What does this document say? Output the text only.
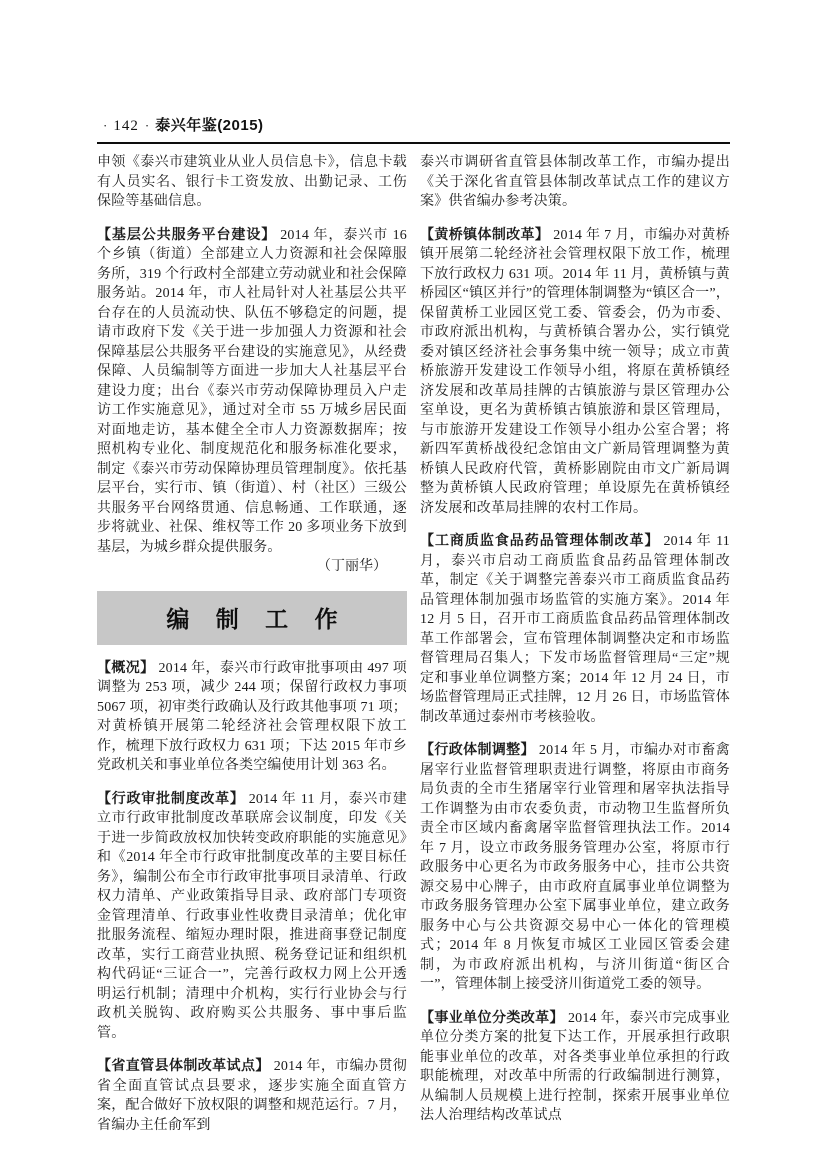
· 142 · 泰兴年鉴(2015)

申领《泰兴市建筑业从业人员信息卡》，信息卡载有人员实名、银行卡工资发放、出勤记录、工伤保险等基础信息。

【基层公共服务平台建设】 2014 年，泰兴市 16 个乡镇（街道）全部建立人力资源和社会保障服务所，319 个行政村全部建立劳动就业和社会保障服务站。2014 年，市人社局针对人社基层公共平台存在的人员流动快、队伍不够稳定的问题，提请市政府下发《关于进一步加强人力资源和社会保障基层公共服务平台建设的实施意见》，从经费保障、人员编制等方面进一步加大人社基层平台建设力度；出台《泰兴市劳动保障协理员入户走访工作实施意见》，通过对全市 55 万城乡居民面对面地走访，基本健全全市人力资源数据库；按照机构专业化、制度规范化和服务标准化要求，制定《泰兴市劳动保障协理员管理制度》。依托基层平台，实行市、镇（街道）、村（社区）三级公共服务平台网络贯通、信息畅通、工作联通，逐步将就业、社保、维权等工作 20 多项业务下放到基层，为城乡群众提供服务。

（丁丽华）

编 制 工 作

【概况】 2014 年，泰兴市行政审批事项由 497 项调整为 253 项，减少 244 项；保留行政权力事项 5067 项，初审类行政确认及行政其他事项 71 项；对黄桥镇开展第二轮经济社会管理权限下放工作，梳理下放行政权力 631 项；下达 2015 年市乡党政机关和事业单位各类空编使用计划 363 名。

【行政审批制度改革】 2014 年 11 月，泰兴市建立市行政审批制度改革联席会议制度，印发《关于进一步简政放权加快转变政府职能的实施意见》和《2014 年全市行政审批制度改革的主要目标任务》，编制公布全市行政审批事项目录清单、行政权力清单、产业政策指导目录、政府部门专项资金管理清单、行政事业性收费目录清单；优化审批服务流程、缩短办理时限，推进商事登记制度改革，实行工商营业执照、税务登记证和组织机构代码证“三证合一”，完善行政权力网上公开透明运行机制；清理中介机构，实行行业协会与行政机关脱钩、政府购买公共服务、事中事后监管。

【省直管县体制改革试点】 2014 年，市编办贯彻省全面直管试点县要求，逐步实施全面直管方案，配合做好下放权限的调整和规范运行。7 月，省编办主任俞军到

泰兴市调研省直管县体制改革工作，市编办提出《关于深化省直管县体制改革试点工作的建议方案》供省编办参考决策。

【黄桥镇体制改革】 2014 年 7 月，市编办对黄桥镇开展第二轮经济社会管理权限下放工作，梳理下放行政权力 631 项。2014 年 11 月，黄桥镇与黄桥园区“镇区并行”的管理体制调整为“镇区合一”，保留黄桥工业园区党工委、管委会，仍为市委、市政府派出机构，与黄桥镇合署办公，实行镇党委对镇区经济社会事务集中统一领导；成立市黄桥旅游开发建设工作领导小组，将原在黄桥镇经济发展和改革局挂牌的古镇旅游与景区管理办公室单设，更名为黄桥镇古镇旅游和景区管理局，与市旅游开发建设工作领导小组办公室合署；将新四军黄桥战役纪念馆由文广新局管理调整为黄桥镇人民政府代管，黄桥影剧院由市文广新局调整为黄桥镇人民政府管理；单设原先在黄桥镇经济发展和改革局挂牌的农村工作局。

【工商质监食品药品管理体制改革】 2014 年 11 月，泰兴市启动工商质监食品药品管理体制改革，制定《关于调整完善泰兴市工商质监食品药品管理体制加强市场监管的实施方案》。2014 年 12 月 5 日，召开市工商质监食品药品管理体制改革工作部署会，宣布管理体制调整决定和市场监督管理局召集人；下发市场监督管理局“三定”规定和事业单位调整方案；2014 年 12 月 24 日，市场监督管理局正式挂牌，12 月 26 日，市场监管体制改革通过泰州市考核验收。

【行政体制调整】 2014 年 5 月，市编办对市畜禽屠宰行业监督管理职责进行调整，将原由市商务局负责的全市生猪屠宰行业管理和屠宰执法指导工作调整为由市农委负责，市动物卫生监督所负责全市区域内畜禽屠宰监督管理执法工作。2014 年 7 月，设立市政务服务管理办公室，将原市行政服务中心更名为市政务服务中心，挂市公共资源交易中心牌子，由市政府直属事业单位调整为市政务服务管理办公室下属事业单位，建立政务服务中心与公共资源交易中心一体化的管理模式；2014 年 8 月恢复市城区工业园区管委会建制，为市政府派出机构，与济川街道“街区合一”，管理体制上接受济川街道党工委的领导。

【事业单位分类改革】 2014 年，泰兴市完成事业单位分类方案的批复下达工作，开展承担行政职能事业单位的改革，对各类事业单位承担的行政职能梳理，对改革中所需的行政编制进行测算，从编制人员规模上进行控制，探索开展事业单位法人治理结构改革试点
